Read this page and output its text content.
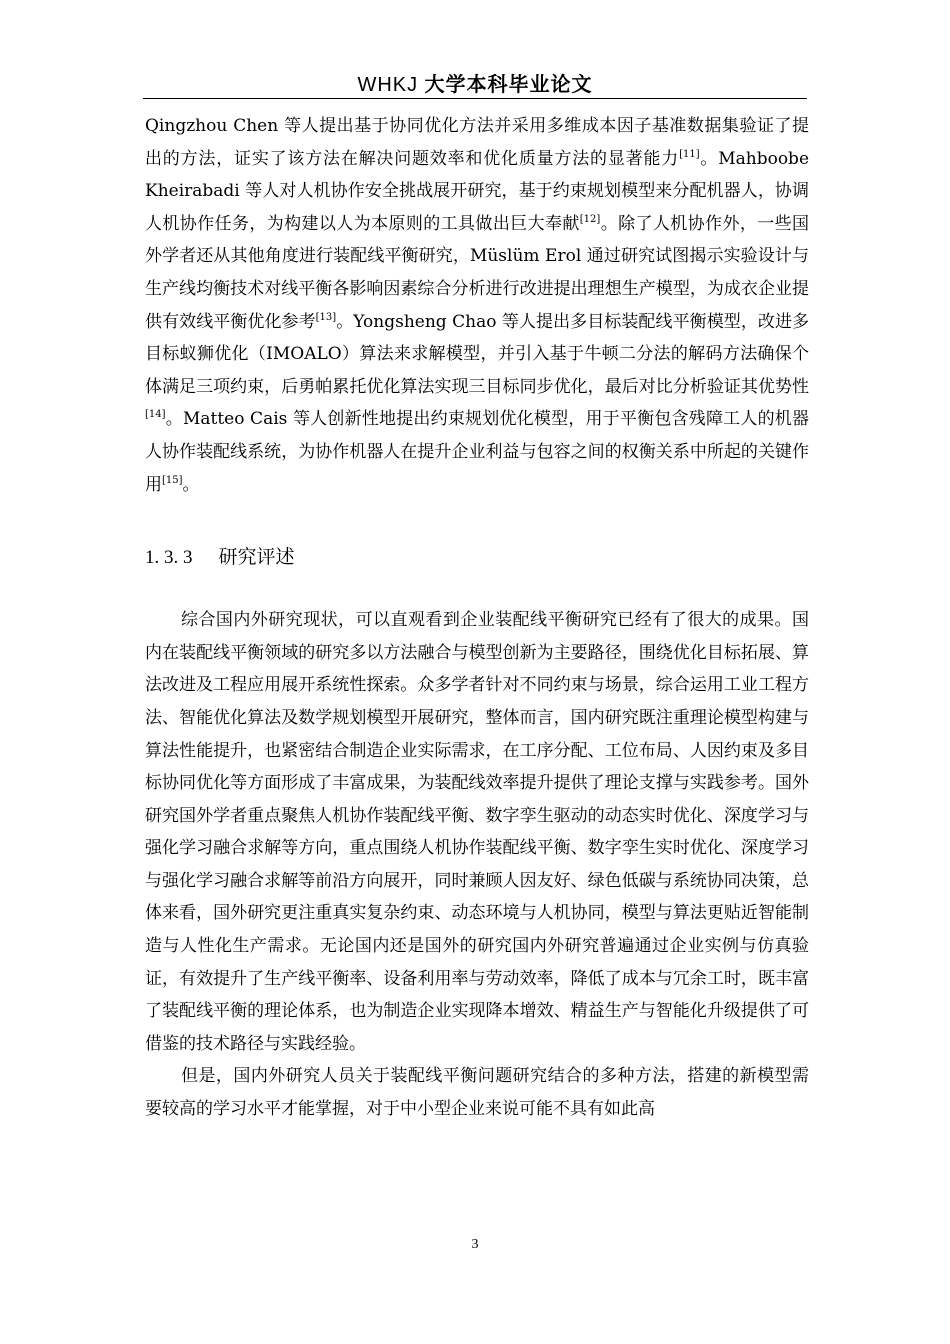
WHKJ 大学本科毕业论文

Qingzhou Chen 等人提出基于协同优化方法并采用多维成本因子基准数据集验证了提出的方法，证实了该方法在解决问题效率和优化质量方法的显著能力[11]。Mahboobe Kheirabadi 等人对人机协作安全挑战展开研究，基于约束规划模型来分配机器人，协调人机协作任务，为构建以人为本原则的工具做出巨大奉献[12]。除了人机协作外，一些国外学者还从其他角度进行装配线平衡研究，Müslüm Erol 通过研究试图揭示实验设计与生产线均衡技术对线平衡各影响因素综合分析进行改进提出理想生产模型，为成衣企业提供有效线平衡优化参考[13]。Yongsheng Chao 等人提出多目标装配线平衡模型，改进多目标蚁狮优化（IMOALO）算法来求解模型，并引入基于牛顿二分法的解码方法确保个体满足三项约束，后勇帕累托优化算法实现三目标同步优化，最后对比分析验证其优势性[14]。Matteo Cais 等人创新性地提出约束规划优化模型，用于平衡包含残障工人的机器人协作装配线系统，为协作机器人在提升企业利益与包容之间的权衡关系中所起的关键作用[15]。

1. 3. 3 研究评述

综合国内外研究现状，可以直观看到企业装配线平衡研究已经有了很大的成果。国内在装配线平衡领域的研究多以方法融合与模型创新为主要路径，围绕优化目标拓展、算法改进及工程应用展开系统性探索。众多学者针对不同约束与场景，综合运用工业工程方法、智能优化算法及数学规划模型开展研究，整体而言，国内研究既注重理论模型构建与算法性能提升，也紧密结合制造企业实际需求，在工序分配、工位布局、人因约束及多目标协同优化等方面形成了丰富成果，为装配线效率提升提供了理论支撑与实践参考。国外研究国外学者重点聚焦人机协作装配线平衡、数字孪生驱动的动态实时优化、深度学习与强化学习融合求解等方向，重点围绕人机协作装配线平衡、数字孪生实时优化、深度学习与强化学习融合求解等前沿方向展开，同时兼顾人因友好、绿色低碳与系统协同决策，总体来看，国外研究更注重真实复杂约束、动态环境与人机协同，模型与算法更贴近智能制造与人性化生产需求。无论国内还是国外的研究国内外研究普遍通过企业实例与仿真验证，有效提升了生产线平衡率、设备利用率与劳动效率，降低了成本与冗余工时，既丰富了装配线平衡的理论体系，也为制造企业实现降本增效、精益生产与智能化升级提供了可借鉴的技术路径与实践经验。

但是，国内外研究人员关于装配线平衡问题研究结合的多种方法，搭建的新模型需要较高的学习水平才能掌握，对于中小型企业来说可能不具有如此高

3
